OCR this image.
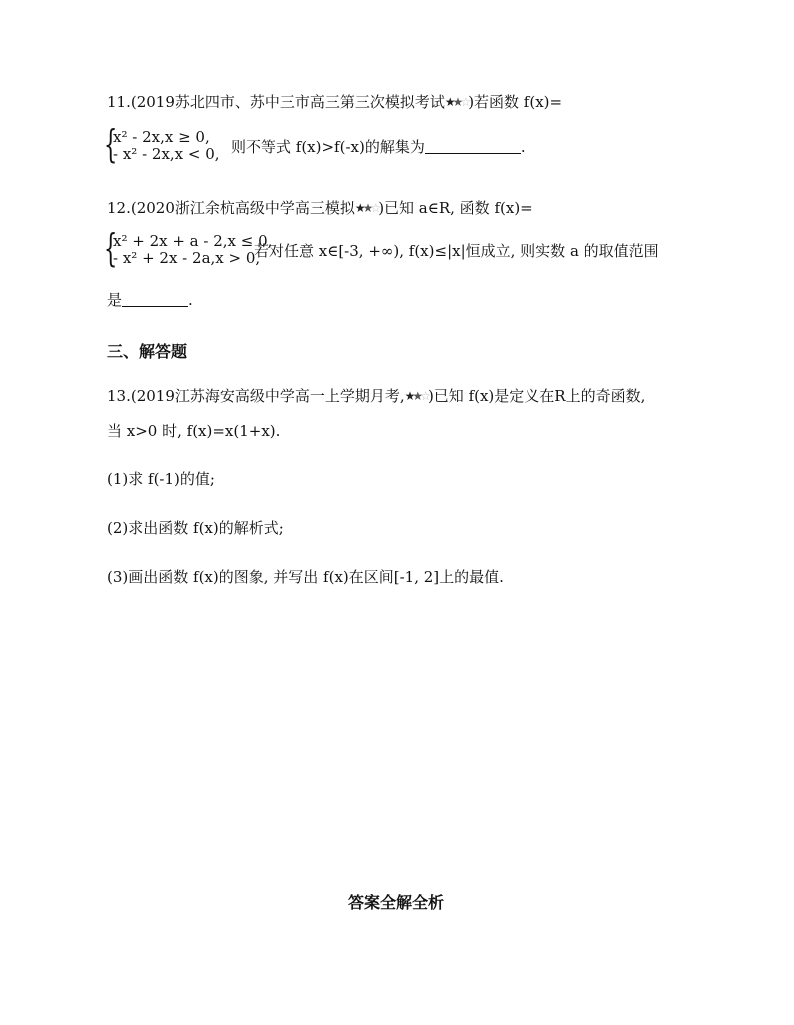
11.(2019苏北四市、苏中三市高三第三次模拟考试★★☆)若函数 f(x)=
{
x² - 2x,x ≥ 0,
- x² - 2x,x < 0, 则不等式 f(x)>f(-x)的解集为	.
12.(2020浙江余杭高级中学高三模拟★★☆)已知 a∈R, 函数 f(x)=
{
x² + 2x + a - 2,x ≤ 0,
- x² + 2x - 2a,x > 0,
若对任意 x∈[-3, +∞), f(x)≤|x|恒成立, 则实数 a 的取值范围
是	.
三、解答题
13.(2019江苏海安高级中学高一上学期月考,★★☆)已知 f(x)是定义在R上的奇函数,
当 x>0 时, f(x)=x(1+x).
(1)求 f(-1)的值;
(2)求出函数 f(x)的解析式;
(3)画出函数 f(x)的图象, 并写出 f(x)在区间[-1, 2]上的最值.
答案全解全析
